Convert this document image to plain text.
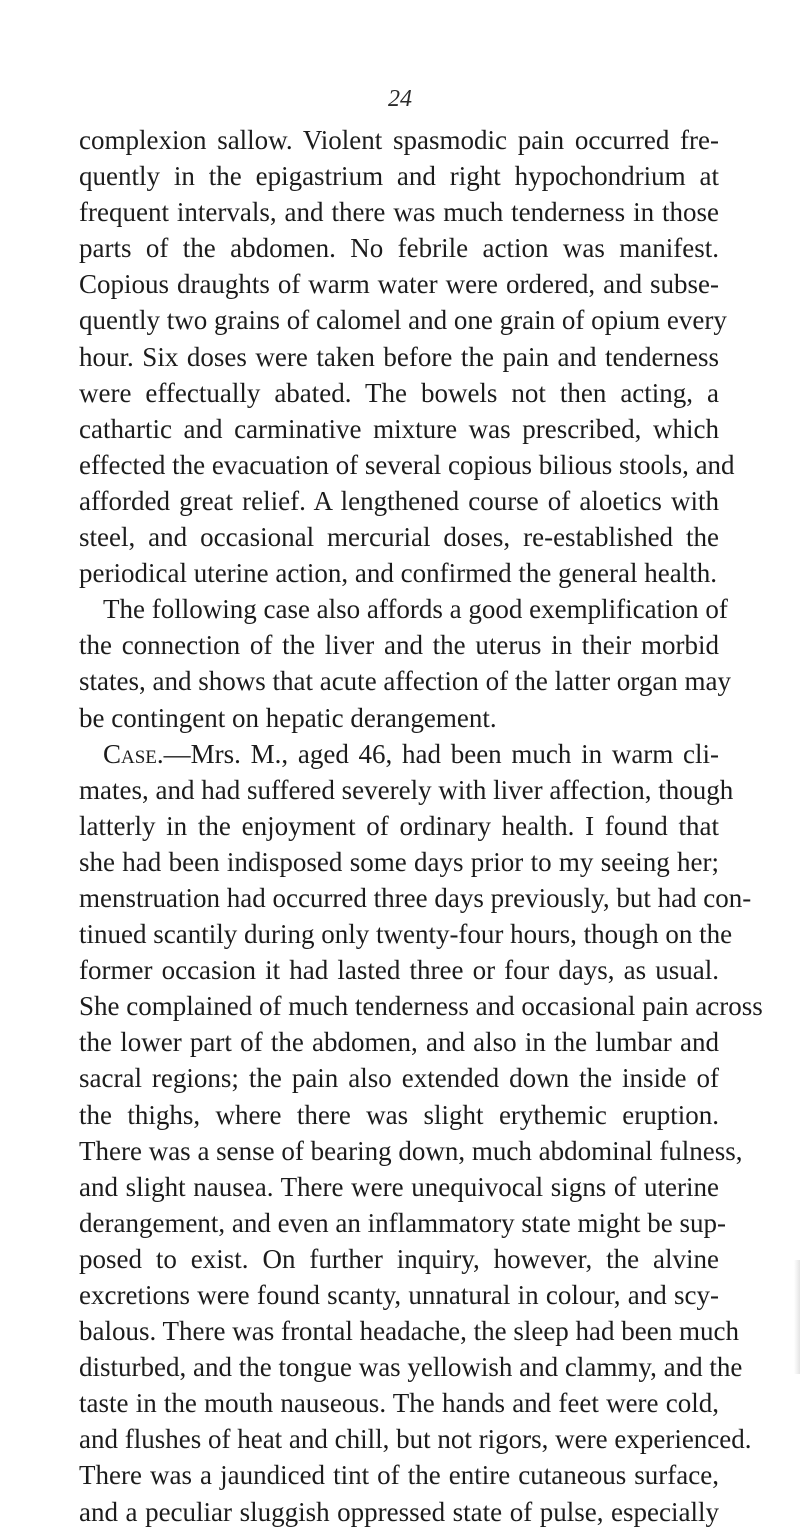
24
complexion sallow. Violent spasmodic pain occurred fre-
quently in the epigastrium and right hypochondrium at
frequent intervals, and there was much tenderness in those
parts of the abdomen. No febrile action was manifest.
Copious draughts of warm water were ordered, and subse-
quently two grains of calomel and one grain of opium every
hour. Six doses were taken before the pain and tenderness
were effectually abated. The bowels not then acting, a
cathartic and carminative mixture was prescribed, which
effected the evacuation of several copious bilious stools, and
afforded great relief. A lengthened course of aloetics with
steel, and occasional mercurial doses, re-established the
periodical uterine action, and confirmed the general health.
The following case also affords a good exemplification of
the connection of the liver and the uterus in their morbid
states, and shows that acute affection of the latter organ may
be contingent on hepatic derangement.
Case.—Mrs. M., aged 46, had been much in warm cli-
mates, and had suffered severely with liver affection, though
latterly in the enjoyment of ordinary health. I found that
she had been indisposed some days prior to my seeing her;
menstruation had occurred three days previously, but had con-
tinued scantily during only twenty-four hours, though on the
former occasion it had lasted three or four days, as usual.
She complained of much tenderness and occasional pain across
the lower part of the abdomen, and also in the lumbar and
sacral regions; the pain also extended down the inside of
the thighs, where there was slight erythemic eruption.
There was a sense of bearing down, much abdominal fulness,
and slight nausea. There were unequivocal signs of uterine
derangement, and even an inflammatory state might be sup-
posed to exist. On further inquiry, however, the alvine
excretions were found scanty, unnatural in colour, and scy-
balous. There was frontal headache, the sleep had been much
disturbed, and the tongue was yellowish and clammy, and the
taste in the mouth nauseous. The hands and feet were cold,
and flushes of heat and chill, but not rigors, were experienced.
There was a jaundiced tint of the entire cutaneous surface,
and a peculiar sluggish oppressed state of pulse, especially
